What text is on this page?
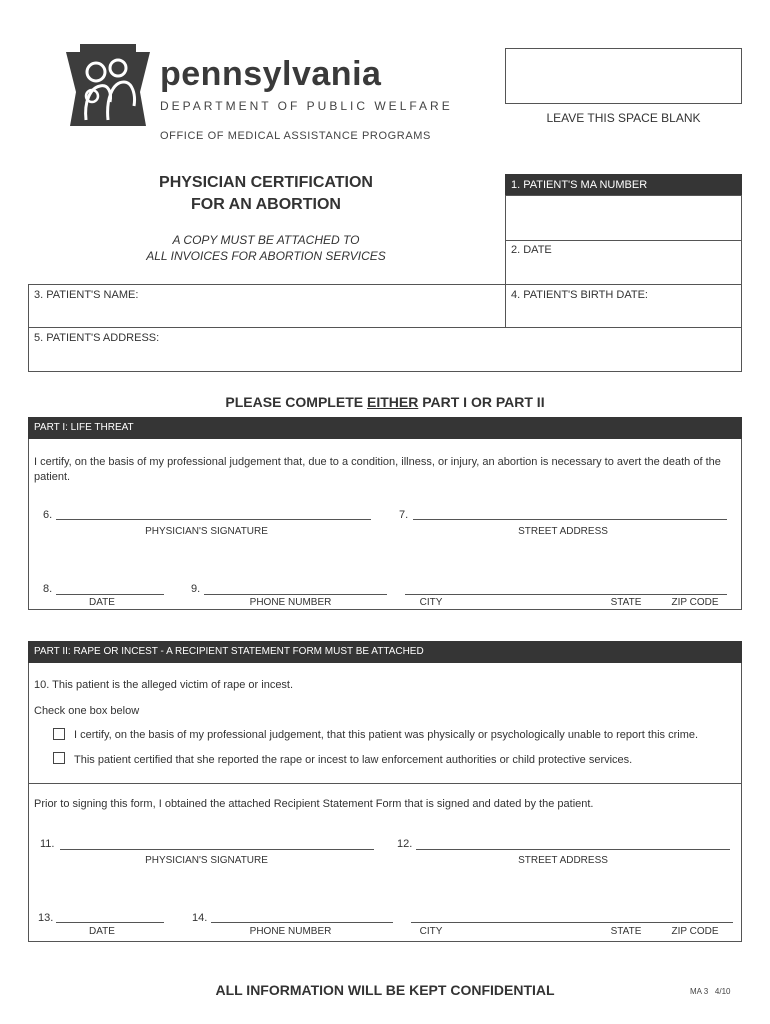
pennsylvania
DEPARTMENT OF PUBLIC WELFARE
OFFICE OF MEDICAL ASSISTANCE PROGRAMS
LEAVE THIS SPACE BLANK
PHYSICIAN CERTIFICATION
FOR AN ABORTION
A COPY MUST BE ATTACHED TO
ALL INVOICES FOR ABORTION SERVICES
1. PATIENT'S MA NUMBER
2. DATE
3. PATIENT'S NAME:	4. PATIENT'S BIRTH DATE:
5. PATIENT'S ADDRESS:
PLEASE COMPLETE EITHER PART I OR PART II
PART I: LIFE THREAT
I certify, on the basis of my professional judgement that, due to a condition, illness, or injury, an abortion is necessary to avert the death of the patient.
6.
PHYSICIAN'S SIGNATURE
7.
STREET ADDRESS
8.
DATE
9.
PHONE NUMBER	CITY	STATE	ZIP CODE
PART II: RAPE OR INCEST - A RECIPIENT STATEMENT FORM MUST BE ATTACHED
10. This patient is the alleged victim of rape or incest.
Check one box below
I certify, on the basis of my professional judgement, that this patient was physically or psychologically unable to report this crime.
This patient certified that she reported the rape or incest to law enforcement authorities or child protective services.
Prior to signing this form, I obtained the attached Recipient Statement Form that is signed and dated by the patient.
11.
PHYSICIAN'S SIGNATURE
12.
STREET ADDRESS
13.
DATE
14.
PHONE NUMBER	CITY	STATE	ZIP CODE
ALL INFORMATION WILL BE KEPT CONFIDENTIAL	MA 3   4/10
